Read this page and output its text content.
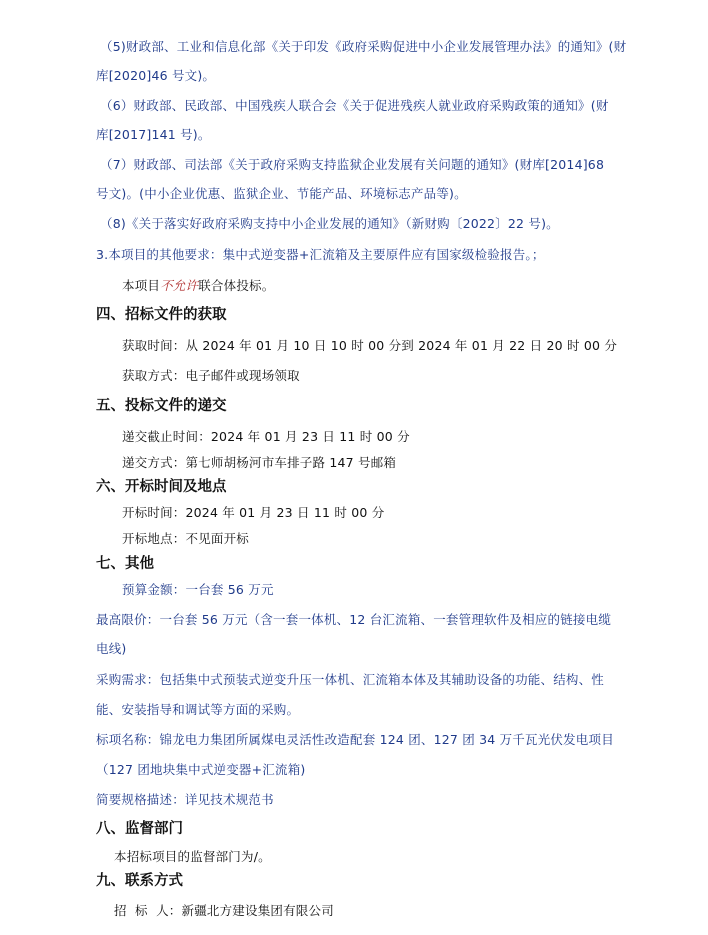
（5)财政部、工业和信息化部《关于印发《政府采购促进中小企业发展管理办法》的通知》(财
库[2020]46 号文)。
（6）财政部、民政部、中国残疾人联合会《关于促进残疾人就业政府采购政策的通知》(财
库[2017]141 号)。
（7）财政部、司法部《关于政府采购支持监狱企业发展有关问题的通知》(财库[2014]68
号文)。(中小企业优惠、监狱企业、节能产品、环境标志产品等)。
（8)《关于落实好政府采购支持中小企业发展的通知》（新财购〔2022〕22 号)。
3.本项目的其他要求：集中式逆变器+汇流箱及主要原件应有国家级检验报告。；
本项目不允许联合体投标。
四、招标文件的获取
获取时间：从 2024 年 01 月 10 日 10 时 00 分到 2024 年 01 月 22 日 20 时 00 分
获取方式：电子邮件或现场领取
五、投标文件的递交
递交截止时间：2024 年 01 月 23 日 11 时 00 分
递交方式：第七师胡杨河市车排子路 147 号邮箱
六、开标时间及地点
开标时间：2024 年 01 月 23 日 11 时 00 分
开标地点：不见面开标
七、其他
预算金额：一台套 56 万元
最高限价：一台套 56 万元（含一套一体机、12 台汇流箱、一套管理软件及相应的链接电缆
电线)
采购需求：包括集中式预装式逆变升压一体机、汇流箱本体及其辅助设备的功能、结构、性
能、安装指导和调试等方面的采购。
标项名称：锦龙电力集团所属煤电灵活性改造配套 124 团、127 团 34 万千瓦光伏发电项目
（127 团地块集中式逆变器+汇流箱)
简要规格描述：详见技术规范书
八、监督部门
本招标项目的监督部门为/。
九、联系方式
招  标  人：新疆北方建设集团有限公司
